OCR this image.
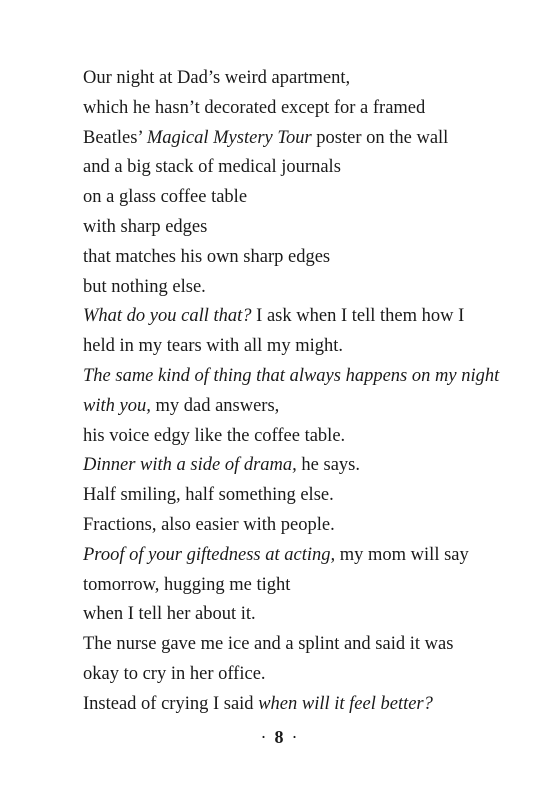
Our night at Dad’s weird apartment,
which he hasn’t decorated except for a framed
Beatles’ Magical Mystery Tour poster on the wall
and a big stack of medical journals
on a glass coffee table
with sharp edges
that matches his own sharp edges
but nothing else.
What do you call that? I ask when I tell them how I
held in my tears with all my might.
The same kind of thing that always happens on my night
with you, my dad answers,
his voice edgy like the coffee table.
Dinner with a side of drama, he says.
Half smiling, half something else.
Fractions, also easier with people.
Proof of your giftedness at acting, my mom will say
tomorrow, hugging me tight
when I tell her about it.
The nurse gave me ice and a splint and said it was
okay to cry in her office.
Instead of crying I said when will it feel better?
· 8 ·
